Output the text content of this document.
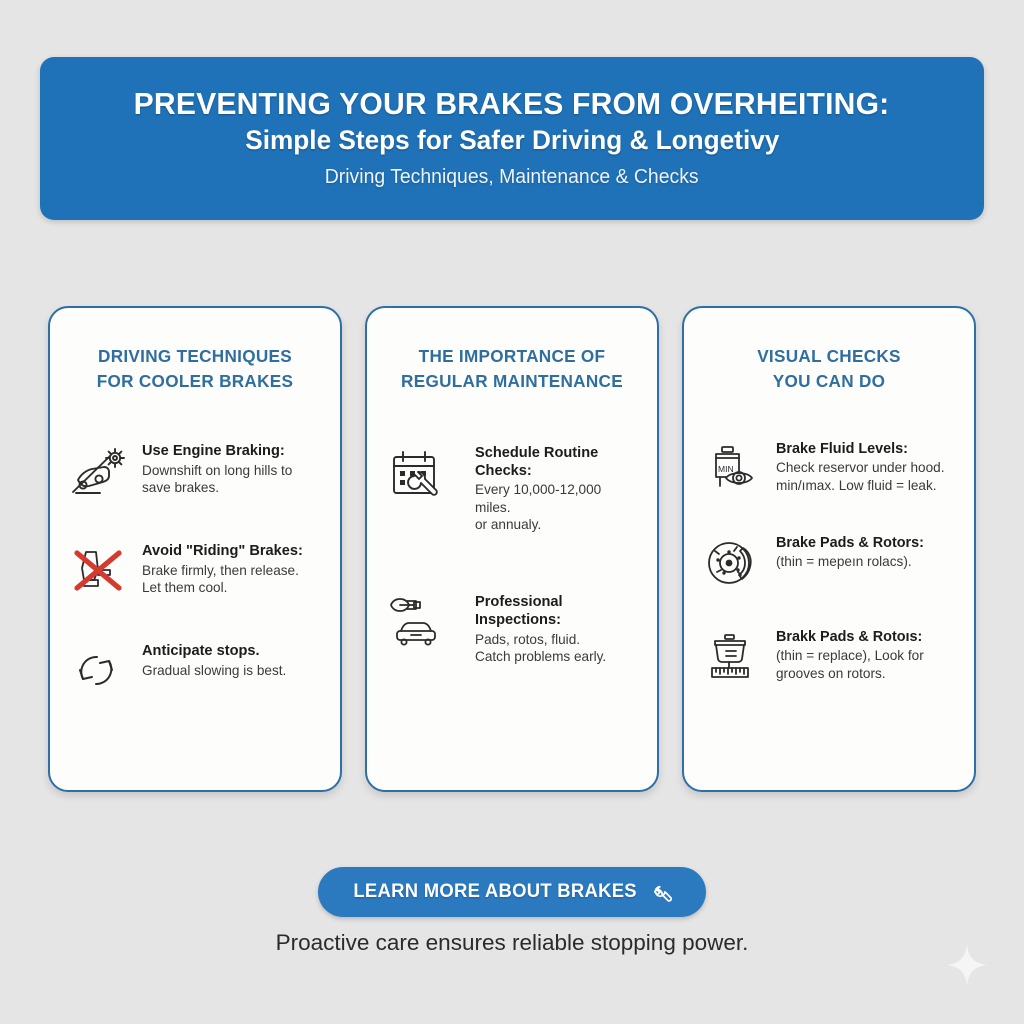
PREVENTING YOUR BRAKES FROM OVERHEITING:
Simple Steps for Safer Driving & Longetivy
Driving Techniques, Maintenance & Checks
DRIVING TECHNIQUES
FOR COOLER BRAKES
Use Engine Braking:
Downshift on long hills to
save brakes.
Avoid "Riding" Brakes:
Brake firmly, then release.
Let them cool.
Anticipate stops.
Gradual slowing is best.
THE IMPORTANCE OF
REGULAR MAINTENANCE
Schedule Routine Checks:
Every 10,000-12,000 miles.
or annualy.
Professional Inspections:
Pads, rotos, fluid.
Catch problems early.
VISUAL CHECKS
YOU CAN DO
MIN
Brake Fluid Levels:
Check reservor under hood.
min/ımax. Low fluid = leak.
Brake Pads & Rotors:
(thin = mepеın rolacs).
Brakk Pads & Rotoıs:
(thin = replace), Look for
grooves on rotors.
LEARN MORE ABOUT BRAKES
Proactive care ensures reliable stopping power.
